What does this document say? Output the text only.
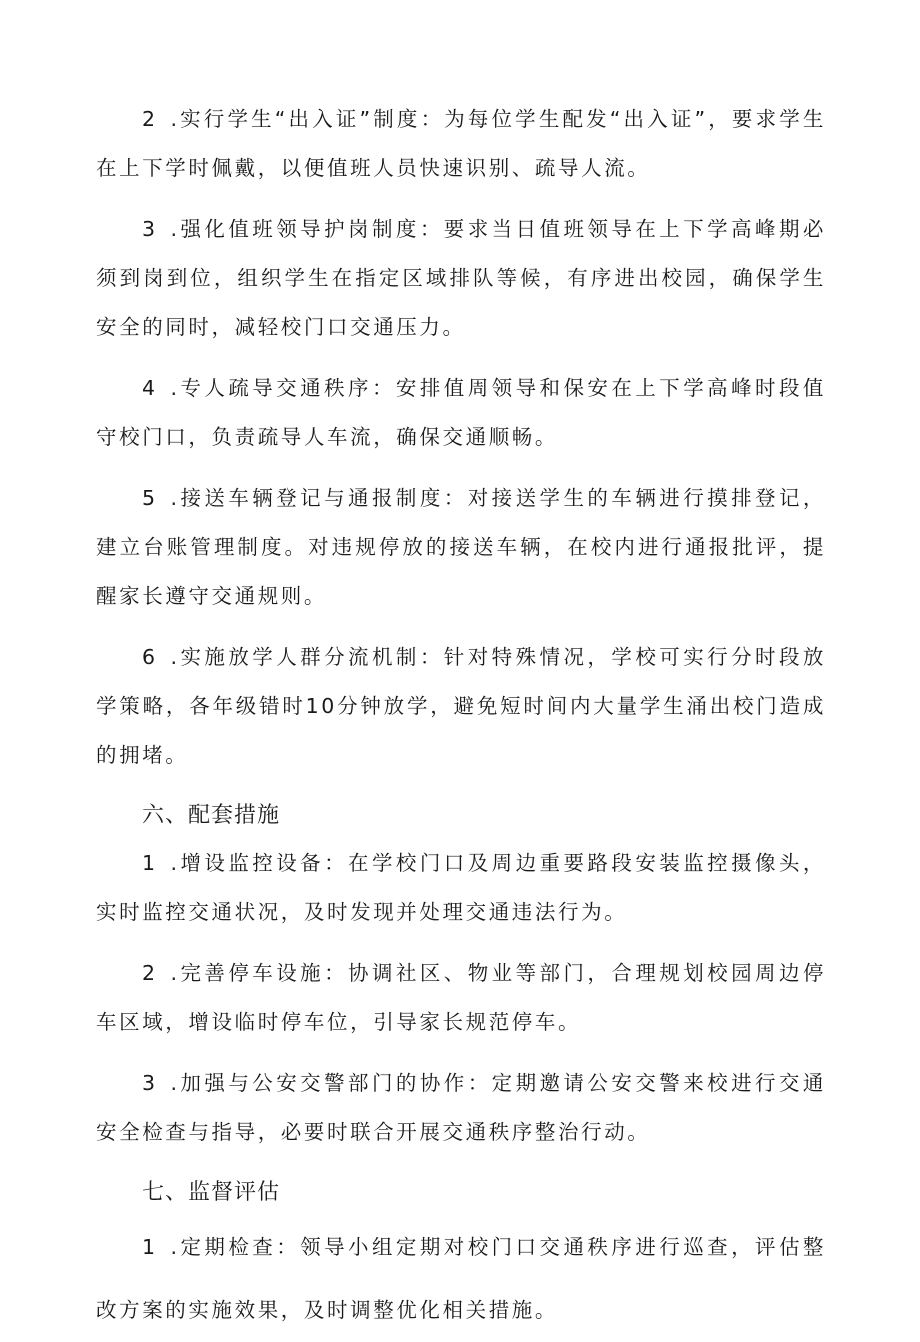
2 .实行学生“出入证”制度：为每位学生配发“出入证”，要求学生在上下学时佩戴，以便值班人员快速识别、疏导人流。

3 .强化值班领导护岗制度：要求当日值班领导在上下学高峰期必须到岗到位，组织学生在指定区域排队等候，有序进出校园，确保学生安全的同时，减轻校门口交通压力。

4 .专人疏导交通秩序：安排值周领导和保安在上下学高峰时段值守校门口，负责疏导人车流，确保交通顺畅。

5 .接送车辆登记与通报制度：对接送学生的车辆进行摸排登记，建立台账管理制度。对违规停放的接送车辆，在校内进行通报批评，提醒家长遵守交通规则。

6 .实施放学人群分流机制：针对特殊情况，学校可实行分时段放学策略，各年级错时10分钟放学，避免短时间内大量学生涌出校门造成的拥堵。

六、配套措施

1 .增设监控设备：在学校门口及周边重要路段安装监控摄像头，实时监控交通状况，及时发现并处理交通违法行为。

2 .完善停车设施：协调社区、物业等部门，合理规划校园周边停车区域，增设临时停车位，引导家长规范停车。

3 .加强与公安交警部门的协作：定期邀请公安交警来校进行交通安全检查与指导，必要时联合开展交通秩序整治行动。

七、监督评估

1 .定期检查：领导小组定期对校门口交通秩序进行巡查，评估整改方案的实施效果，及时调整优化相关措施。
